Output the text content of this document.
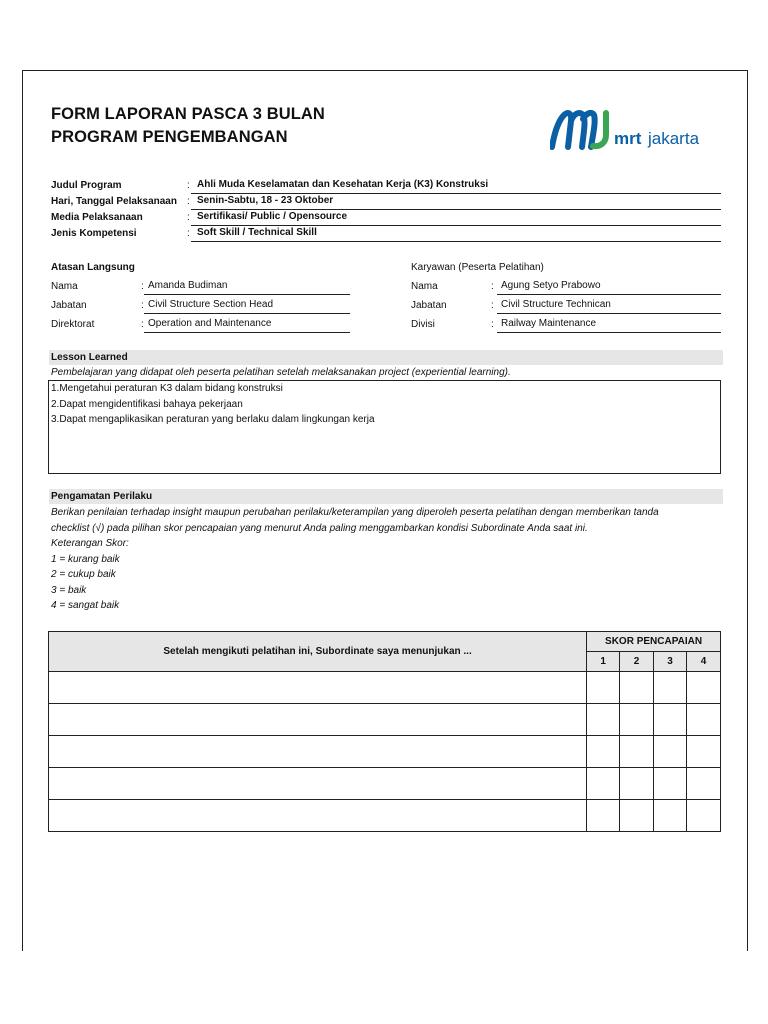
FORM LAPORAN PASCA 3 BULAN
PROGRAM PENGEMBANGAN	mrt jakarta
Judul Program	: Ahli Muda Keselamatan dan Kesehatan Kerja (K3) Konstruksi
Hari, Tanggal Pelaksanaan : Senin-Sabtu, 18 - 23 Oktober
Media Pelaksanaan	: Sertifikasi/ Public / Opensource
Jenis Kompetensi	: Soft Skill / Technical Skill
Atasan Langsung
Nama	: Amanda Budiman
Jabatan	: Civil Structure Section Head
Direktorat	: Operation and Maintenance
Karyawan (Peserta Pelatihan)
Nama	: Agung Setyo Prabowo
Jabatan	: Civil Structure Technican
Divisi	: Railway Maintenance
Lesson Learned
Pembelajaran yang didapat oleh peserta pelatihan setelah melaksanakan project (experiential learning).
1.Mengetahui peraturan K3 dalam bidang konstruksi
2.Dapat mengidentifikasi bahaya pekerjaan
3.Dapat mengaplikasikan peraturan yang berlaku dalam lingkungan kerja
Pengamatan Perilaku
Berikan penilaian terhadap insight maupun perubahan perilaku/keterampilan yang diperoleh peserta pelatihan dengan memberikan tanda
checklist (√) pada pilihan skor pencapaian yang menurut Anda paling menggambarkan kondisi Subordinate Anda saat ini.
Keterangan Skor:
1 = kurang baik
2 = cukup baik
3 = baik
4 = sangat baik
Setelah mengikuti pelatihan ini, Subordinate saya menunjukan ...	SKOR PENCAPAIAN			
	1	2	3	4
